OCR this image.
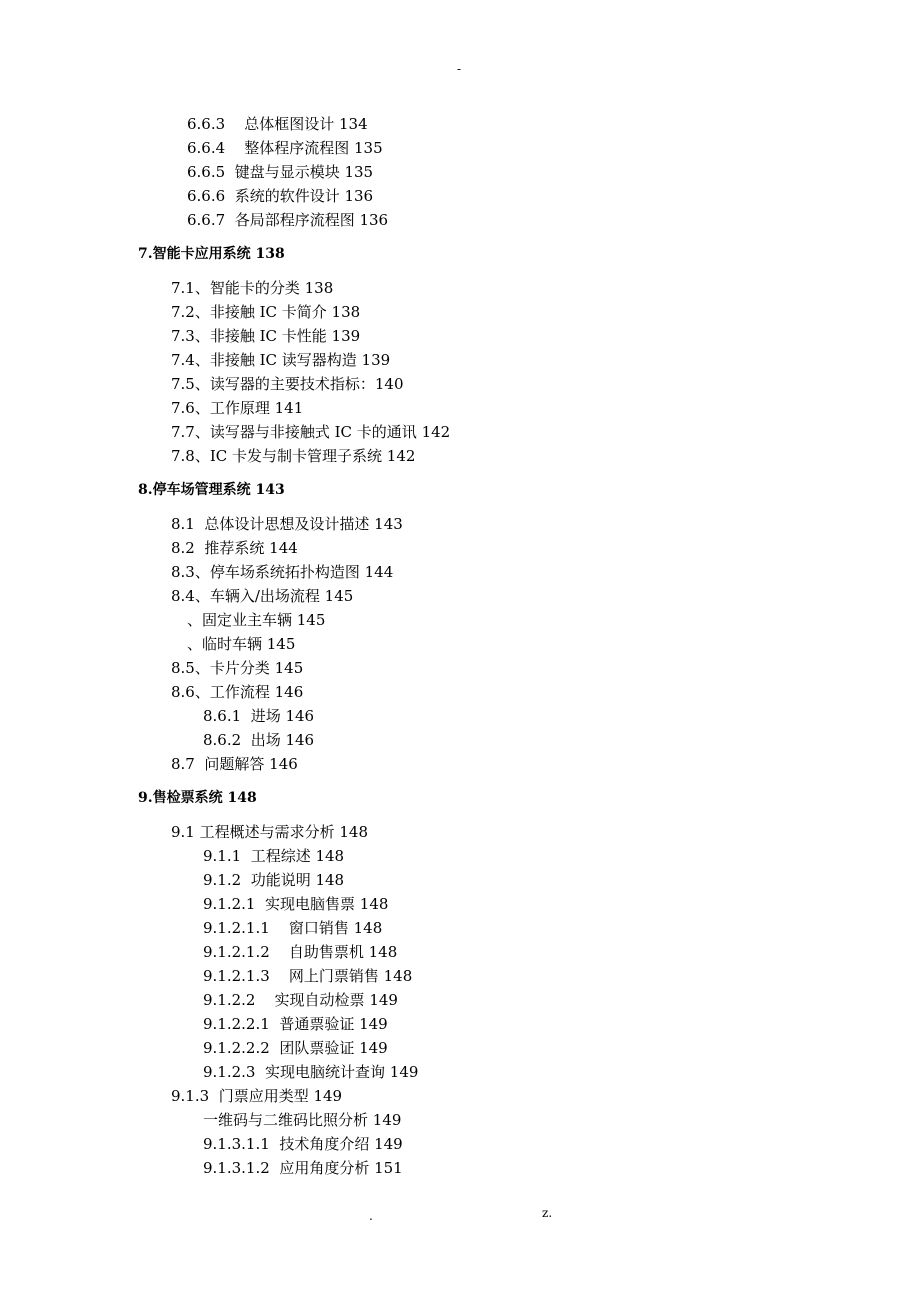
-
6.6.3    总体框图设计 134
6.6.4    整体程序流程图 135
6.6.5  键盘与显示模块 135
6.6.6  系统的软件设计 136
6.6.7  各局部程序流程图 136
7.智能卡应用系统 138
7.1、智能卡的分类 138
7.2、非接触 IC 卡简介 138
7.3、非接触 IC 卡性能 139
7.4、非接触 IC 读写器构造 139
7.5、读写器的主要技术指标：140
7.6、工作原理 141
7.7、读写器与非接触式 IC 卡的通讯 142
7.8、IC 卡发与制卡管理子系统 142
8.停车场管理系统 143
8.1  总体设计思想及设计描述 143
8.2  推荐系统 144
8.3、停车场系统拓扑构造图 144
8.4、车辆入/出场流程 145
、固定业主车辆 145
、临时车辆 145
8.5、卡片分类 145
8.6、工作流程 146
8.6.1  进场 146
8.6.2  出场 146
8.7  问题解答 146
9.售检票系统 148
9.1 工程概述与需求分析 148
9.1.1  工程综述 148
9.1.2  功能说明 148
9.1.2.1  实现电脑售票 148
9.1.2.1.1    窗口销售 148
9.1.2.1.2    自助售票机 148
9.1.2.1.3    网上门票销售 148
9.1.2.2    实现自动检票 149
9.1.2.2.1  普通票验证 149
9.1.2.2.2  团队票验证 149
9.1.2.3  实现电脑统计查询 149
9.1.3  门票应用类型 149
一维码与二维码比照分析 149
9.1.3.1.1  技术角度介绍 149
9.1.3.1.2  应用角度分析 151
.	z.
